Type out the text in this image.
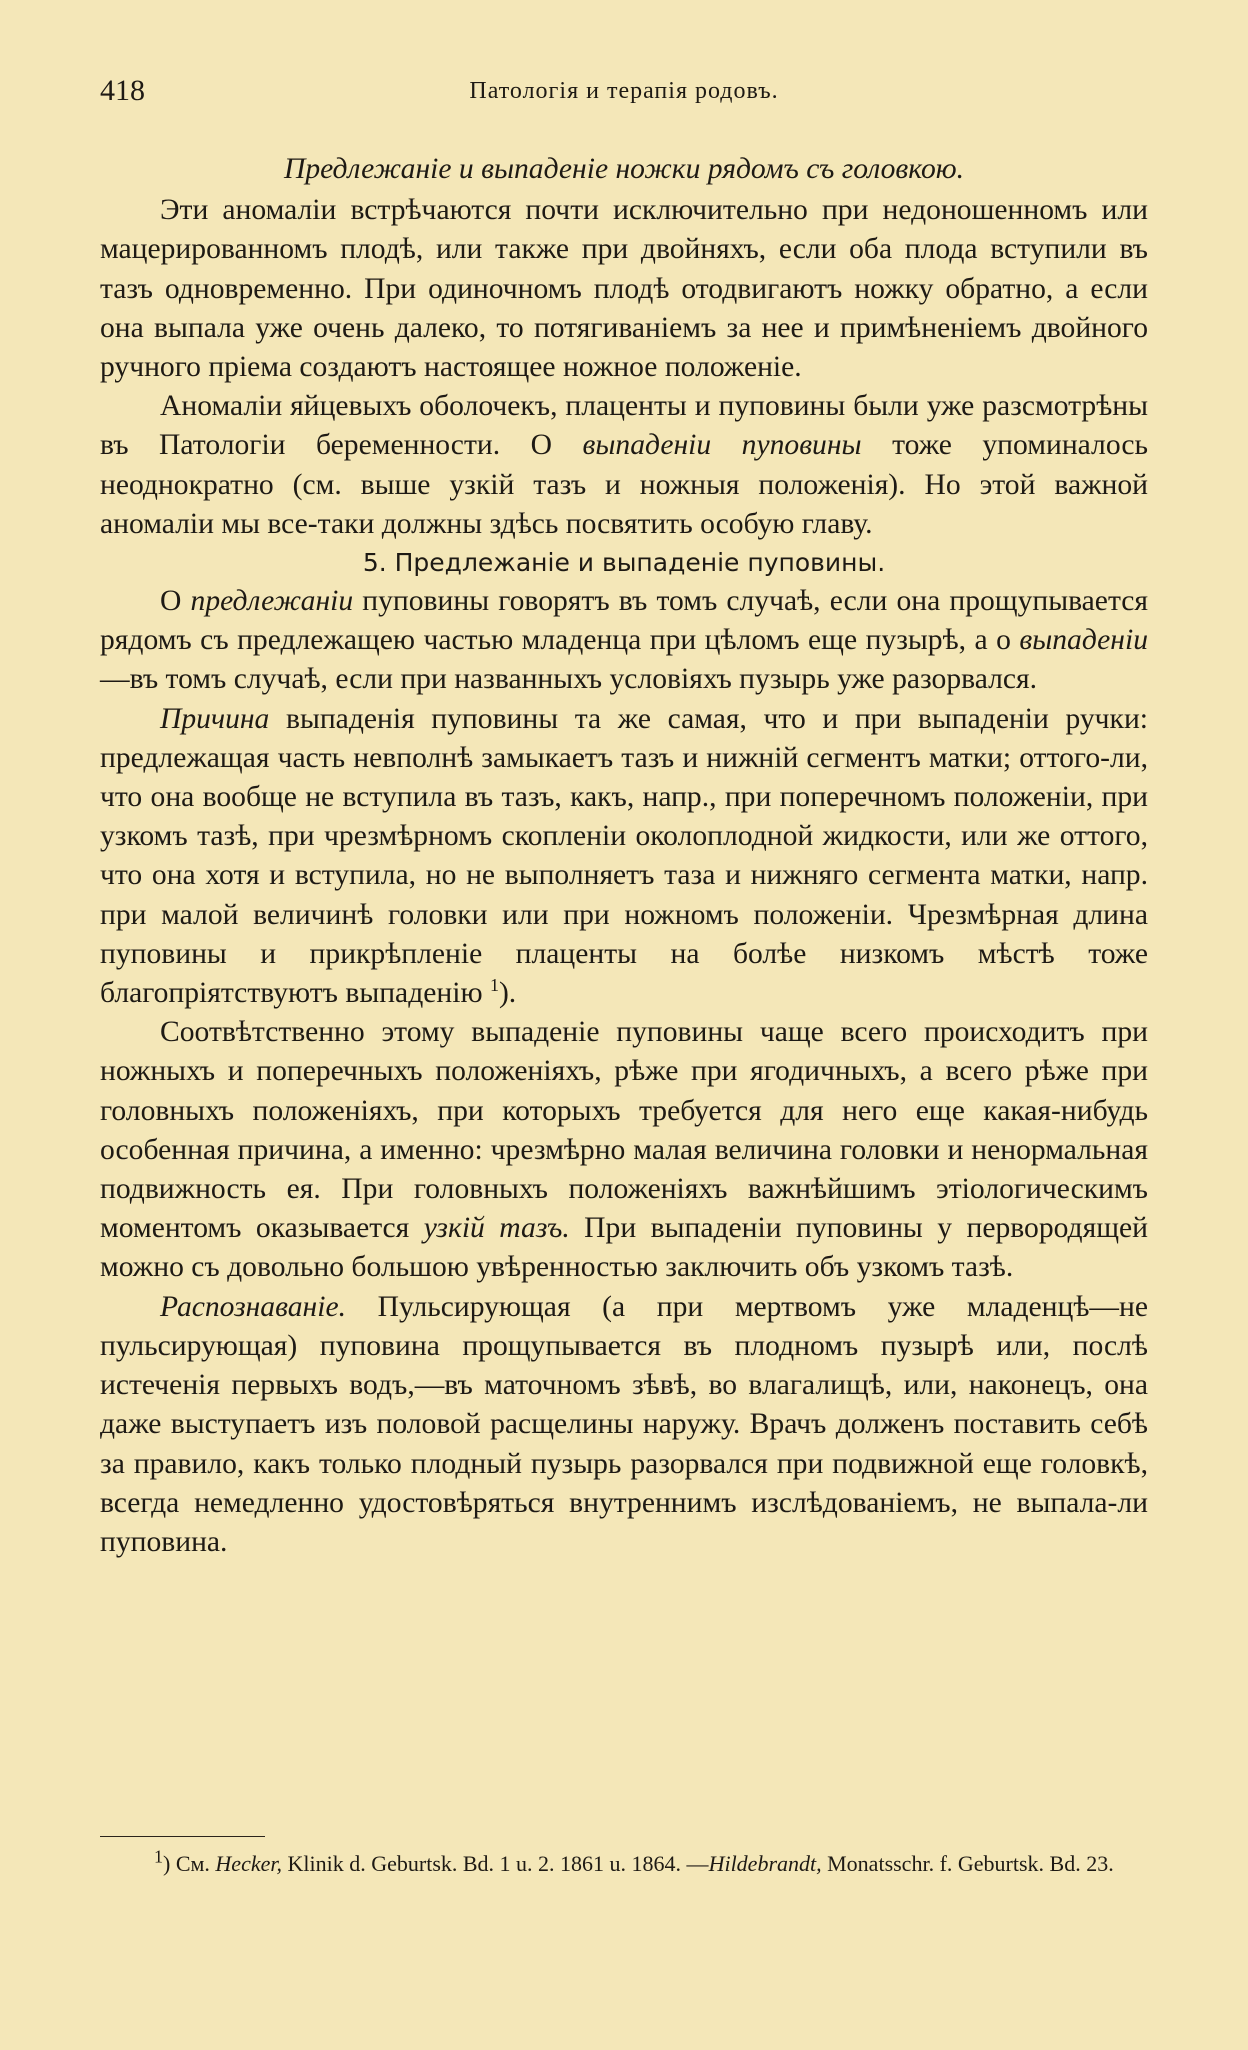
418	Патологія и терапія родовъ.

Предлежаніе и выпаденіе ножки рядомъ съ головкою.

Эти аномаліи встрѣчаются почти исключительно при недоношенномъ или мацерированномъ плодѣ, или также при двойняхъ, если оба плода вступили въ тазъ одновременно. При одиночномъ плодѣ отодвигаютъ ножку обратно, а если она выпала уже очень далеко, то потягиваніемъ за нее и примѣненіемъ двойного ручного пріема создаютъ настоящее ножное положеніе.

Аномаліи яйцевыхъ оболочекъ, плаценты и пуповины были уже разсмотрѣны въ Патологіи беременности. О выпаденіи пуповины тоже упоминалось неоднократно (см. выше узкій тазъ и ножныя положенія). Но этой важной аномаліи мы все-таки должны здѣсь посвятить особую главу.

5. Предлежаніе и выпаденіе пуповины.

О предлежаніи пуповины говорятъ въ томъ случаѣ, если она прощупывается рядомъ съ предлежащею частью младенца при цѣломъ еще пузырѣ, а о выпаденіи—въ томъ случаѣ, если при названныхъ условіяхъ пузырь уже разорвался.

Причина выпаденія пуповины та же самая, что и при выпаденіи ручки: предлежащая часть невполнѣ замыкаетъ тазъ и нижній сегментъ матки; оттого-ли, что она вообще не вступила въ тазъ, какъ, напр., при поперечномъ положеніи, при узкомъ тазѣ, при чрезмѣрномъ скопленіи околоплодной жидкости, или же оттого, что она хотя и вступила, но не выполняетъ таза и нижняго сегмента матки, напр. при малой величинѣ головки или при ножномъ положеніи. Чрезмѣрная длина пуповины и прикрѣпленіе плаценты на болѣе низкомъ мѣстѣ тоже благопріятствуютъ выпаденію $^1$).

Соотвѣтственно этому выпаденіе пуповины чаще всего происходитъ при ножныхъ и поперечныхъ положеніяхъ, рѣже при ягодичныхъ, а всего рѣже при головныхъ положеніяхъ, при которыхъ требуется для него еще какая-нибудь особенная причина, а именно: чрезмѣрно малая величина головки и ненормальная подвижность ея. При головныхъ положеніяхъ важнѣйшимъ этіологическимъ моментомъ оказывается узкій тазъ. При выпаденіи пуповины у первородящей можно съ довольно большою увѣренностью заключить объ узкомъ тазѣ.

Распознаваніе. Пульсирующая (а при мертвомъ уже младенцѣ—не пульсирующая) пуповина прощупывается въ плодномъ пузырѣ или, послѣ истеченія первыхъ водъ,—въ маточномъ зѣвѣ, во влагалищѣ, или, наконецъ, она даже выступаетъ изъ половой расщелины наружу. Врачъ долженъ поставить себѣ за правило, какъ только плодный пузырь разорвался при подвижной еще головкѣ, всегда немедленно удостовѣряться внутреннимъ изслѣдованіемъ, не выпала-ли пуповина.

$^1$) См. Hecker, Klinik d. Geburtsk. Bd. 1 u. 2. 1861 u. 1864. —Hildebrandt, Monatsschr. f. Geburtsk. Bd. 23.
